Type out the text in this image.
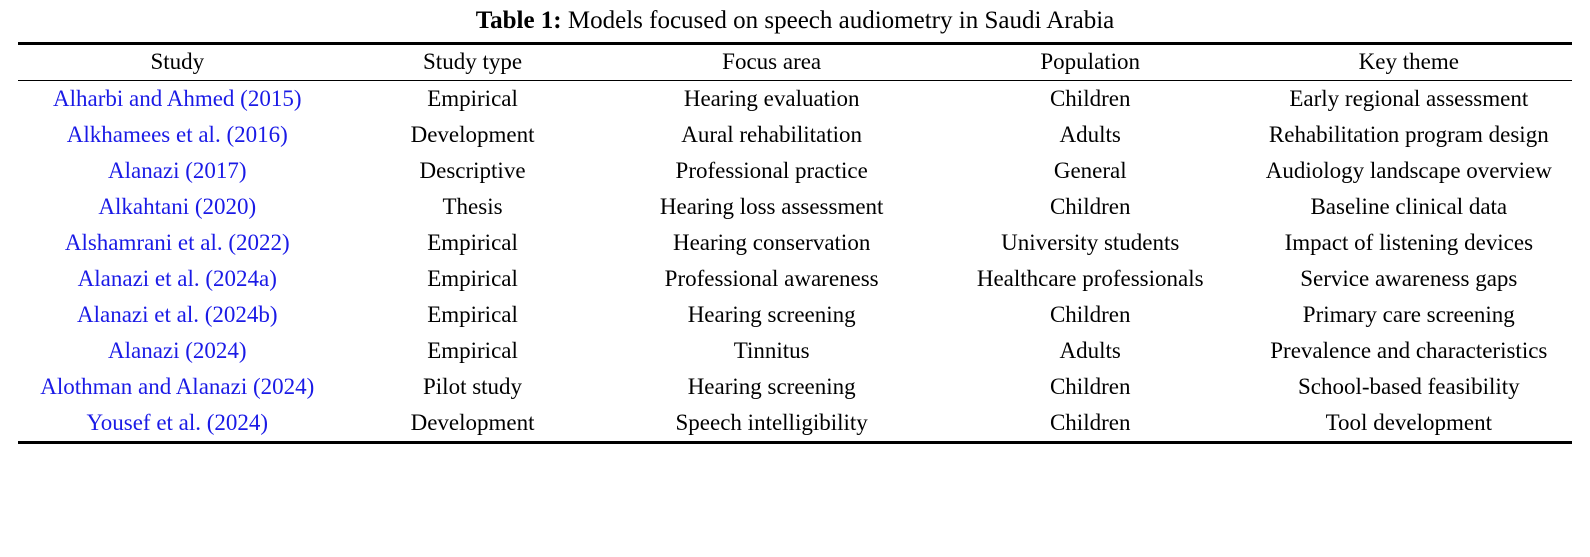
Table 1: Models focused on speech audiometry in Saudi Arabia
Study	Study type	Focus area	Population	Key theme
Alharbi and Ahmed (2015)	Empirical	Hearing evaluation	Children	Early regional assessment
Alkhamees et al. (2016)	Development	Aural rehabilitation	Adults	Rehabilitation program design
Alanazi (2017)	Descriptive	Professional practice	General	Audiology landscape overview
Alkahtani (2020)	Thesis	Hearing loss assessment	Children	Baseline clinical data
Alshamrani et al. (2022)	Empirical	Hearing conservation	University students	Impact of listening devices
Alanazi et al. (2024a)	Empirical	Professional awareness	Healthcare professionals	Service awareness gaps
Alanazi et al. (2024b)	Empirical	Hearing screening	Children	Primary care screening
Alanazi (2024)	Empirical	Tinnitus	Adults	Prevalence and characteristics
Alothman and Alanazi (2024)	Pilot study	Hearing screening	Children	School-based feasibility
Yousef et al. (2024)	Development	Speech intelligibility	Children	Tool development
